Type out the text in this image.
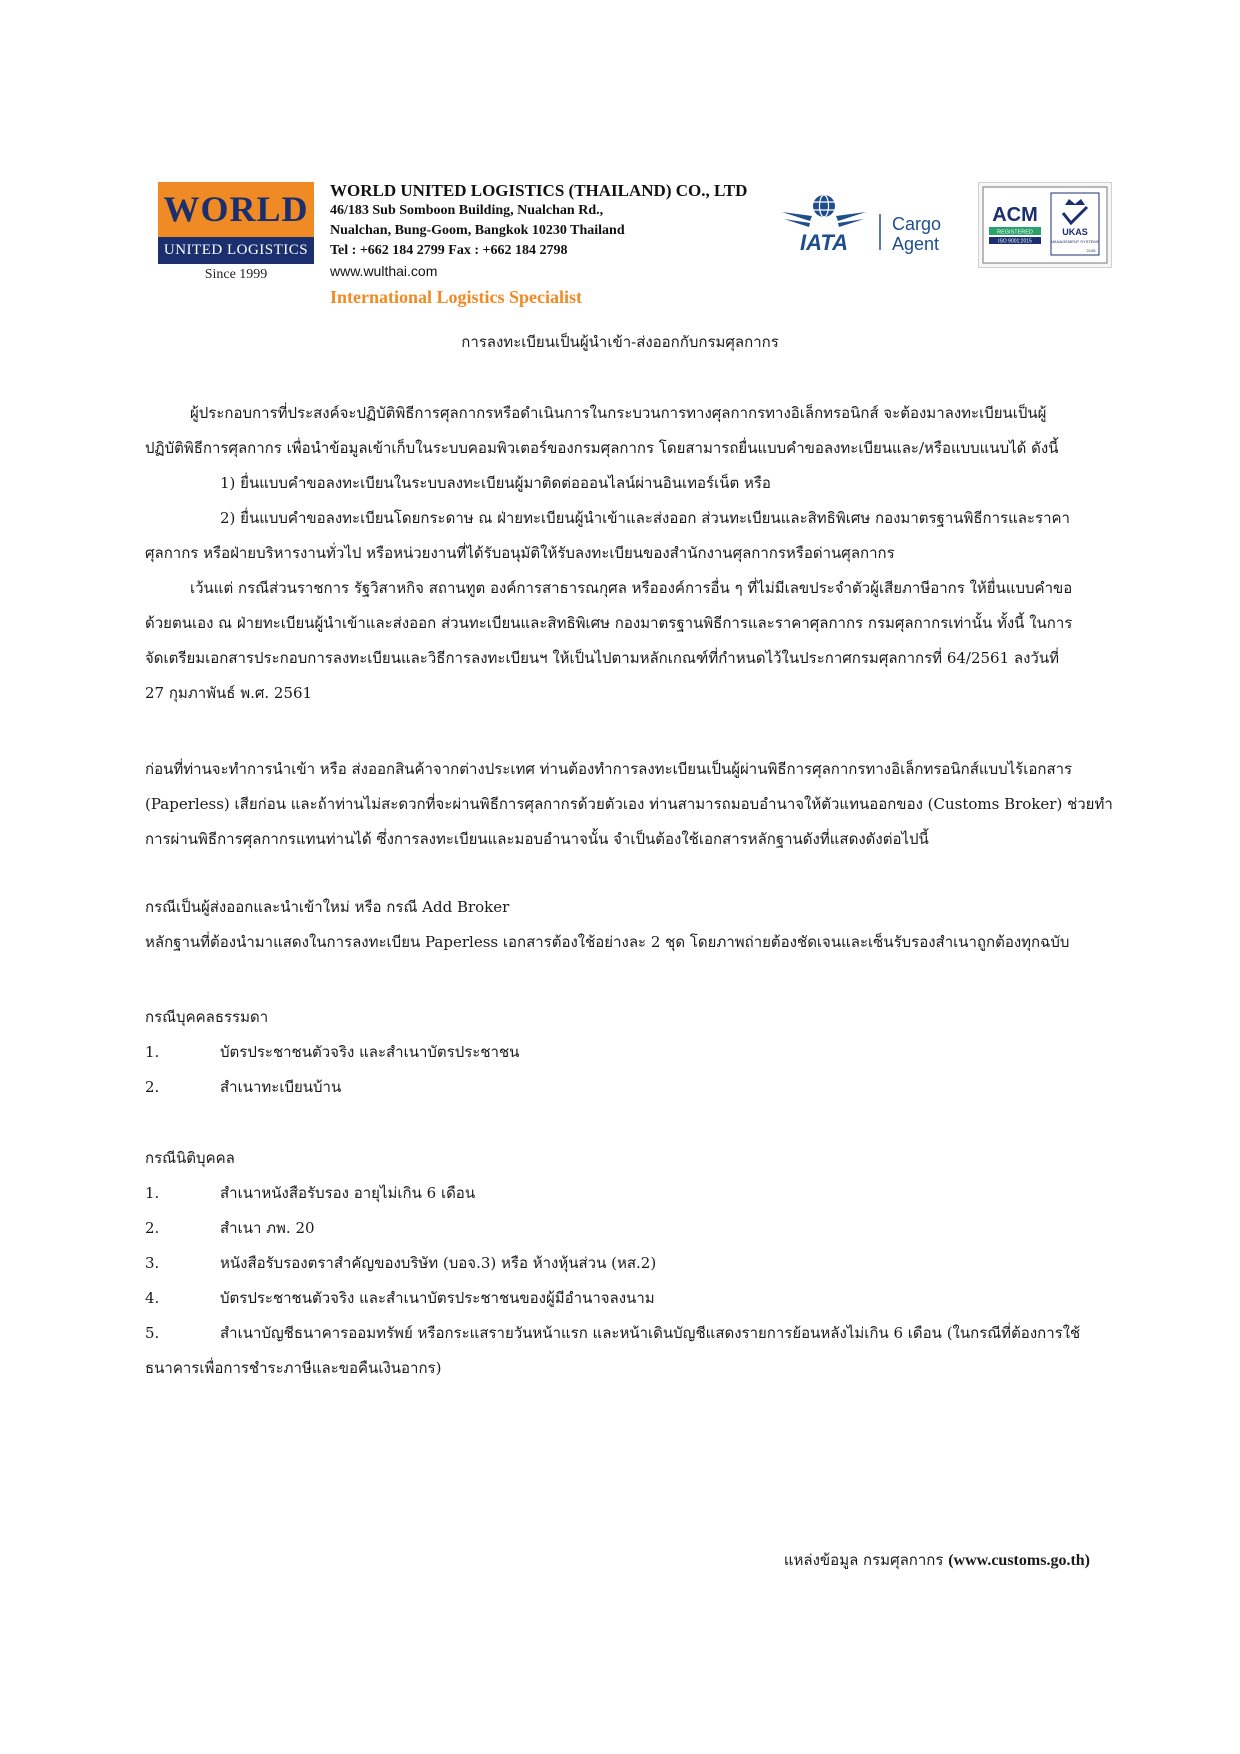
WORLD
UNITED LOGISTICS
Since 1999
WORLD UNITED LOGISTICS (THAILAND) CO., LTD
46/183 Sub Somboon Building, Nualchan Rd.,
Nualchan, Bung-Goom, Bangkok 10230 Thailand
Tel : +662 184 2799 Fax : +662 184 2798
www.wulthai.com
International Logistics Specialist
IATA
Cargo
Agent
ACM
REGISTERED
ISO 9001:2015
UKAS
MANAGEMENT SYSTEMS
2145
การลงทะเบียนเป็นผู้นำเข้า-ส่งออกกับกรมศุลกากร
ผู้ประกอบการที่ประสงค์จะปฏิบัติพิธีการศุลกากรหรือดำเนินการในกระบวนการทางศุลกากรทางอิเล็กทรอนิกส์ จะต้องมาลงทะเบียนเป็นผู้
ปฏิบัติพิธีการศุลกากร เพื่อนำข้อมูลเข้าเก็บในระบบคอมพิวเตอร์ของกรมศุลกากร โดยสามารถยื่นแบบคำขอลงทะเบียนและ/หรือแบบแนบได้ ดังนี้
1) ยื่นแบบคำขอลงทะเบียนในระบบลงทะเบียนผู้มาติดต่อออนไลน์ผ่านอินเทอร์เน็ต หรือ
2) ยื่นแบบคำขอลงทะเบียนโดยกระดาษ ณ ฝ่ายทะเบียนผู้นำเข้าและส่งออก ส่วนทะเบียนและสิทธิพิเศษ กองมาตรฐานพิธีการและราคา
ศุลกากร หรือฝ่ายบริหารงานทั่วไป หรือหน่วยงานที่ได้รับอนุมัติให้รับลงทะเบียนของสำนักงานศุลกากรหรือด่านศุลกากร
เว้นแต่ กรณีส่วนราชการ รัฐวิสาหกิจ สถานทูต องค์การสาธารณกุศล หรือองค์การอื่น ๆ ที่ไม่มีเลขประจำตัวผู้เสียภาษีอากร ให้ยื่นแบบคำขอ
ด้วยตนเอง ณ ฝ่ายทะเบียนผู้นำเข้าและส่งออก ส่วนทะเบียนและสิทธิพิเศษ กองมาตรฐานพิธีการและราคาศุลกากร กรมศุลกากรเท่านั้น ทั้งนี้ ในการ
จัดเตรียมเอกสารประกอบการลงทะเบียนและวิธีการลงทะเบียนฯ ให้เป็นไปตามหลักเกณฑ์ที่กำหนดไว้ในประกาศกรมศุลกากรที่ 64/2561 ลงวันที่
27 กุมภาพันธ์ พ.ศ. 2561
ก่อนที่ท่านจะทำการนำเข้า หรือ ส่งออกสินค้าจากต่างประเทศ ท่านต้องทำการลงทะเบียนเป็นผู้ผ่านพิธีการศุลกากรทางอิเล็กทรอนิกส์แบบไร้เอกสาร
(Paperless) เสียก่อน และถ้าท่านไม่สะดวกที่จะผ่านพิธีการศุลกากรด้วยตัวเอง ท่านสามารถมอบอำนาจให้ตัวแทนออกของ (Customs Broker) ช่วยทำ
การผ่านพิธีการศุลกากรแทนท่านได้ ซึ่งการลงทะเบียนและมอบอำนาจนั้น จำเป็นต้องใช้เอกสารหลักฐานดังที่แสดงดังต่อไปนี้
กรณีเป็นผู้ส่งออกและนำเข้าใหม่ หรือ กรณี Add Broker
หลักฐานที่ต้องนำมาแสดงในการลงทะเบียน Paperless เอกสารต้องใช้อย่างละ 2 ชุด โดยภาพถ่ายต้องชัดเจนและเซ็นรับรองสำเนาถูกต้องทุกฉบับ
กรณีบุคคลธรรมดา
1.	บัตรประชาชนตัวจริง และสำเนาบัตรประชาชน
2.	สำเนาทะเบียนบ้าน
กรณีนิติบุคคล
1.	สำเนาหนังสือรับรอง อายุไม่เกิน 6 เดือน
2.	สำเนา ภพ. 20
3.	หนังสือรับรองตราสำคัญของบริษัท (บอจ.3) หรือ ห้างหุ้นส่วน (หส.2)
4.	บัตรประชาชนตัวจริง และสำเนาบัตรประชาชนของผู้มีอำนาจลงนาม
5.	สำเนาบัญชีธนาคารออมทรัพย์ หรือกระแสรายวันหน้าแรก และหน้าเดินบัญชีแสดงรายการย้อนหลังไม่เกิน 6 เดือน (ในกรณีที่ต้องการใช้
ธนาคารเพื่อการชำระภาษีและขอคืนเงินอากร)
แหล่งข้อมูล กรมศุลกากร (www.customs.go.th)
